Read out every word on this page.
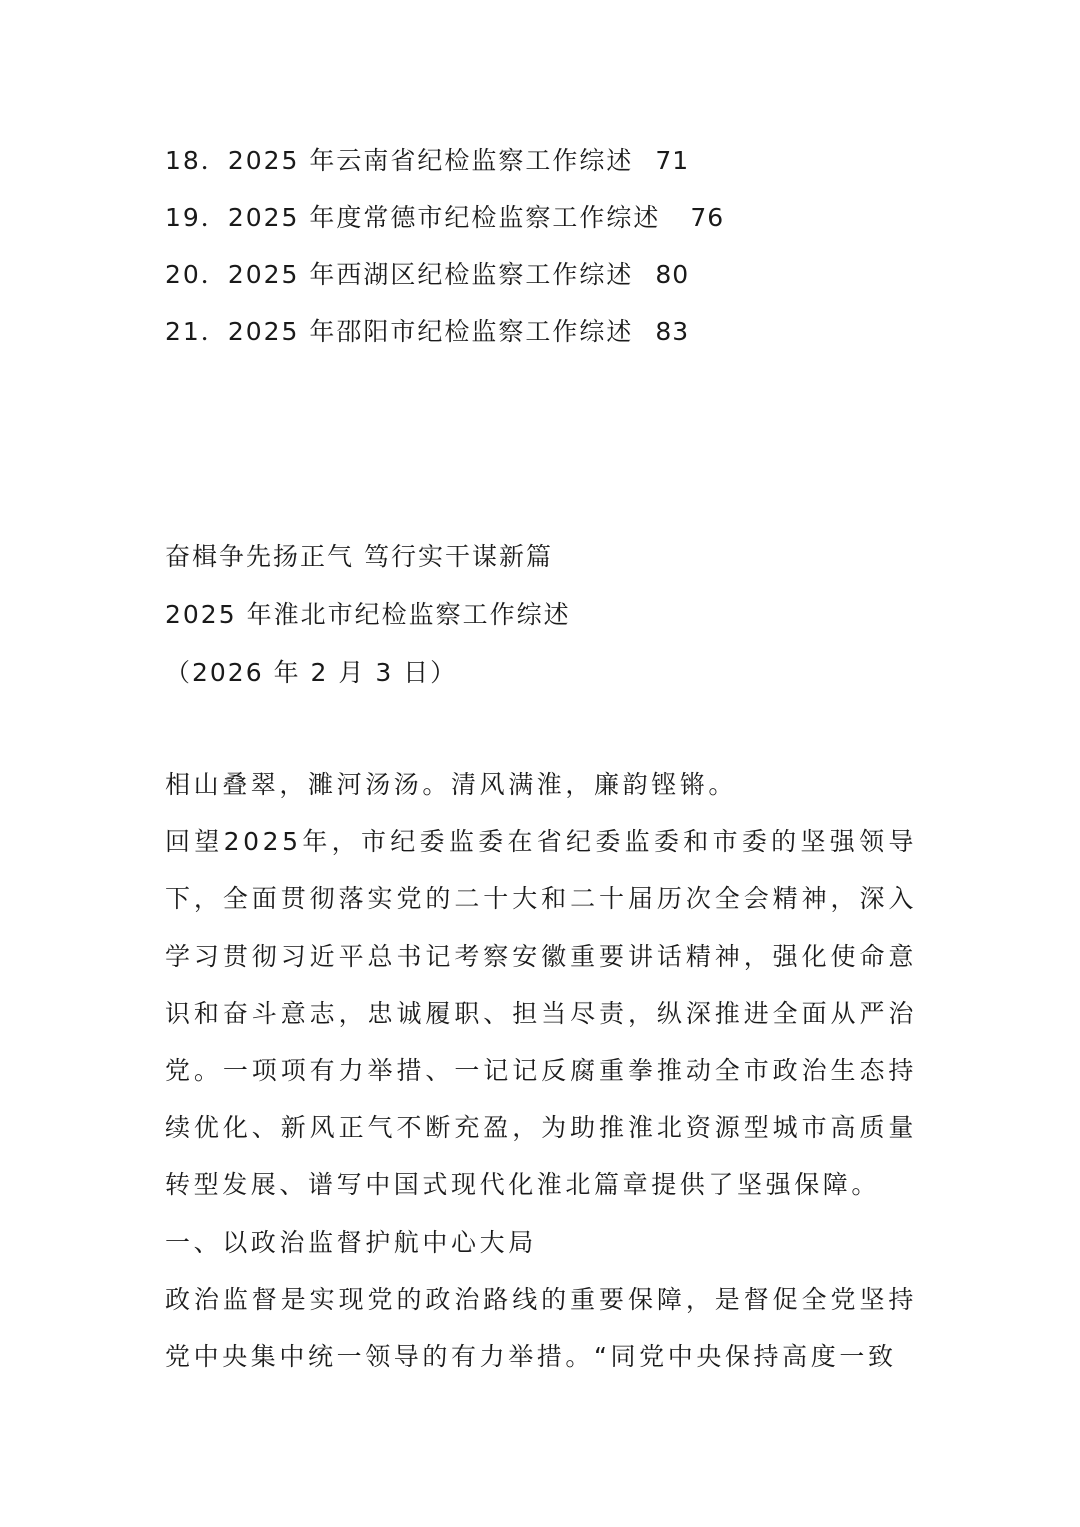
18．2025 年云南省纪检监察工作综述 71
19．2025 年度常德市纪检监察工作综述 76
20．2025 年西湖区纪检监察工作综述 80
21．2025 年邵阳市纪检监察工作综述 83
奋楫争先扬正气 笃行实干谋新篇
2025 年淮北市纪检监察工作综述
（2026 年 2 月 3 日）

相山叠翠，濉河汤汤。清风满淮，廉韵铿锵。

回望2025年，市纪委监委在省纪委监委和市委的坚强领导下，全面贯彻落实党的二十大和二十届历次全会精神，深入学习贯彻习近平总书记考察安徽重要讲话精神，强化使命意识和奋斗意志，忠诚履职、担当尽责，纵深推进全面从严治党。一项项有力举措、一记记反腐重拳推动全市政治生态持续优化、新风正气不断充盈，为助推淮北资源型城市高质量转型发展、谱写中国式现代化淮北篇章提供了坚强保障。

一、以政治监督护航中心大局

政治监督是实现党的政治路线的重要保障，是督促全党坚持党中央集中统一领导的有力举措。“同党中央保持高度一致
